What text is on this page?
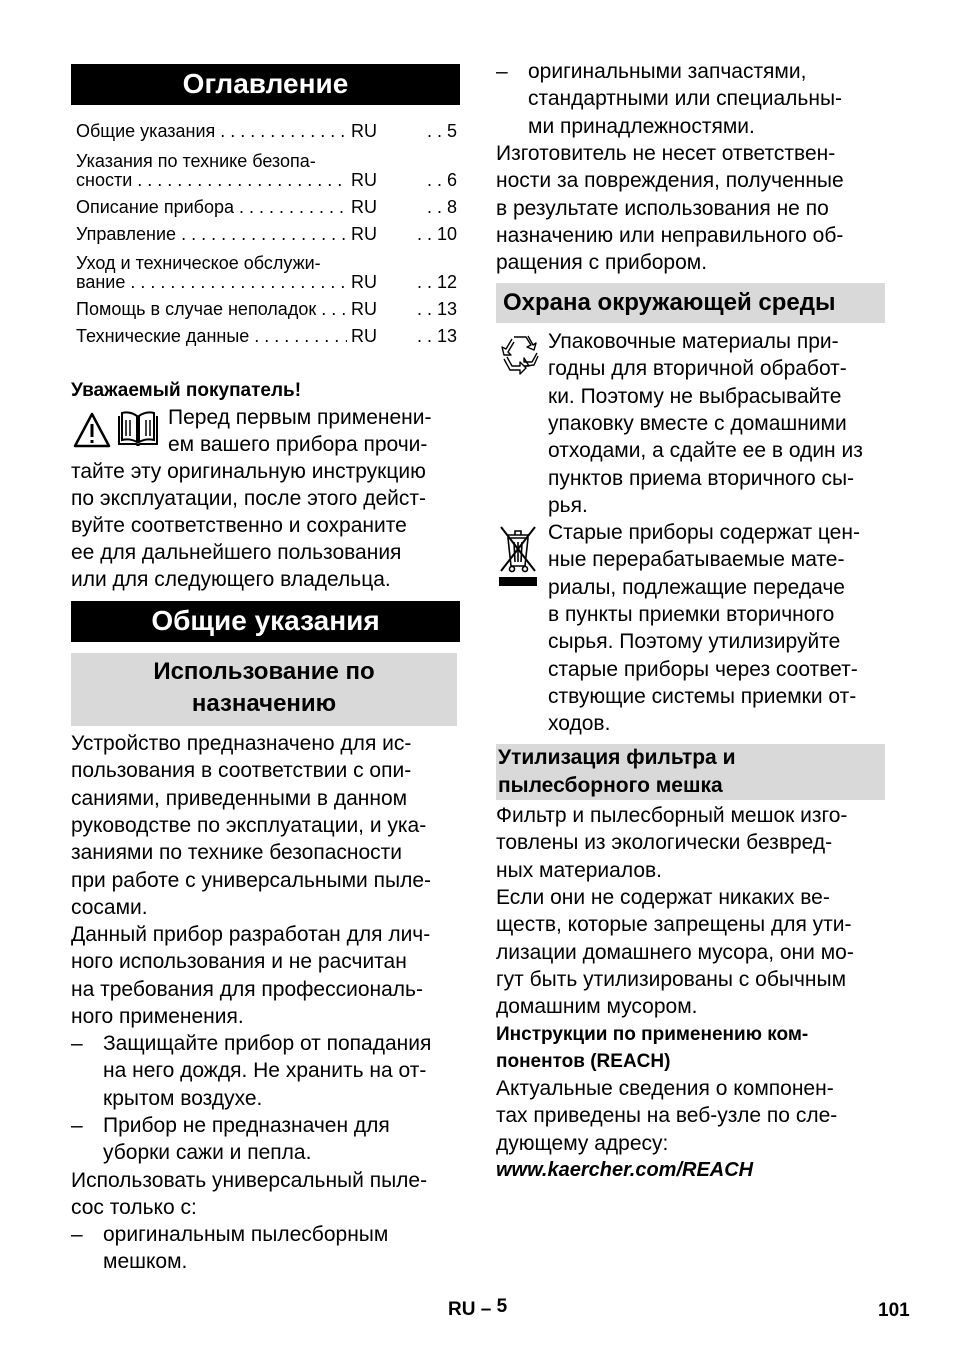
Оглавление
Общие указания . . .	RU	. . 5
Указания по технике безопа-
сности . . .	RU	. . 6
Описание прибора . . .	RU	. . 8
Управление . . .	RU	. . 10
Уход и техническое обслужи-
вание . . .	RU	. . 12
Помощь в случае неполадок . . .	RU	. . 13
Технические данные . . .	RU	. . 13
Уважаемый покупатель!
Перед первым применени-
ем вашего прибора прочи-
тайте эту оригинальную инструкцию
по эксплуатации, после этого дейст-
вуйте соответственно и сохраните
ее для дальнейшего пользования
или для следующего владельца.
Общие указания
Использование по
назначению
Устройство предназначено для ис-
пользования в соответствии с опи-
саниями, приведенными в данном
руководстве по эксплуатации, и ука-
заниями по технике безопасности
при работе с универсальными пыле-
сосами.
Данный прибор разработан для лич-
ного использования и не расчитан
на требования для профессиональ-
ного применения.
– Защищайте прибор от попадания
на него дождя. Не хранить на от-
крытом воздухе.
– Прибор не предназначен для
уборки сажи и пепла.
Использовать универсальный пыле-
сос только с:
– оригинальным пылесборным
мешком.
– оригинальными запчастями,
стандартными или специальны-
ми принадлежностями.
Изготовитель не несет ответствен-
ности за повреждения, полученные
в результате использования не по
назначению или неправильного об-
ращения с прибором.
Охрана окружающей среды
Упаковочные материалы при-
годны для вторичной обработ-
ки. Поэтому не выбрасывайте
упаковку вместе с домашними
отходами, а сдайте ее в один из
пунктов приема вторичного сы-
рья.
Старые приборы содержат цен-
ные перерабатываемые мате-
риалы, подлежащие передаче
в пункты приемки вторичного
сырья. Поэтому утилизируйте
старые приборы через соответ-
ствующие системы приемки от-
ходов.
Утилизация фильтра и
пылесборного мешка
Фильтр и пылесборный мешок изго-
товлены из экологически безвред-
ных материалов.
Если они не содержат никаких ве-
ществ, которые запрещены для ути-
лизации домашнего мусора, они мо-
гут быть утилизированы с обычным
домашним мусором.
Инструкции по применению ком-
понентов (REACH)
Актуальные сведения о компонен-
тах приведены на веб-узле по сле-
дующему адресу:
www.kaercher.com/REACH
RU – 5	101
